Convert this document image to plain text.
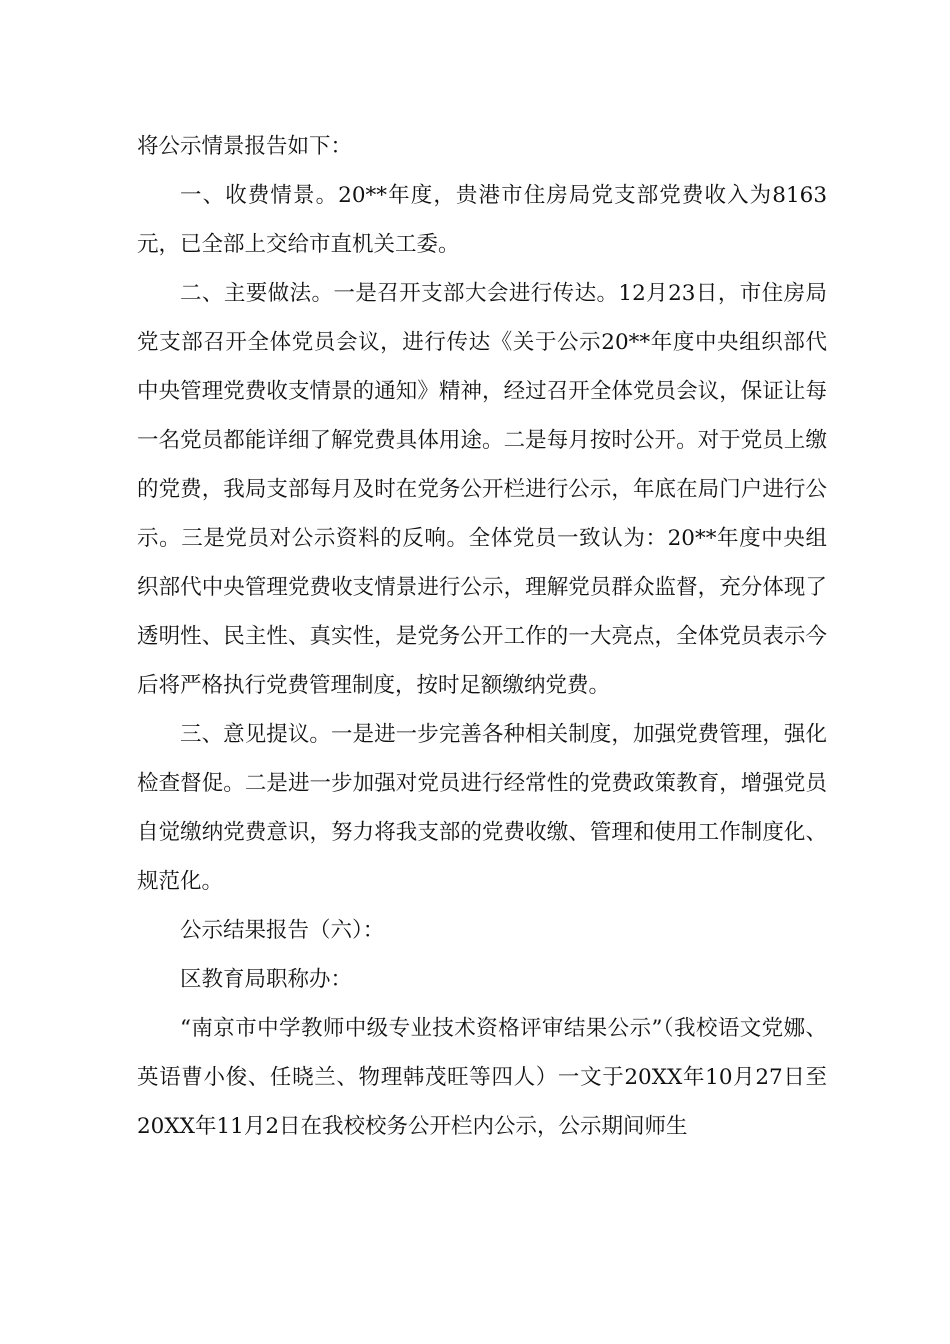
将公示情景报告如下：

一、收费情景。20**年度，贵港市住房局党支部党费收入为8163元，已全部上交给市直机关工委。

二、主要做法。一是召开支部大会进行传达。12月23日，市住房局党支部召开全体党员会议，进行传达《关于公示20**年度中央组织部代中央管理党费收支情景的通知》精神，经过召开全体党员会议，保证让每一名党员都能详细了解党费具体用途。二是每月按时公开。对于党员上缴的党费，我局支部每月及时在党务公开栏进行公示，年底在局门户进行公示。三是党员对公示资料的反响。全体党员一致认为：20**年度中央组织部代中央管理党费收支情景进行公示，理解党员群众监督，充分体现了透明性、民主性、真实性，是党务公开工作的一大亮点，全体党员表示今后将严格执行党费管理制度，按时足额缴纳党费。

三、意见提议。一是进一步完善各种相关制度，加强党费管理，强化检查督促。二是进一步加强对党员进行经常性的党费政策教育，增强党员自觉缴纳党费意识，努力将我支部的党费收缴、管理和使用工作制度化、规范化。

公示结果报告（六）：

区教育局职称办：

“南京市中学教师中级专业技术资格评审结果公示”（我校语文党娜、英语曹小俊、任晓兰、物理韩茂旺等四人）一文于20XX年10月27日至20XX年11月2日在我校校务公开栏内公示，公示期间师生
